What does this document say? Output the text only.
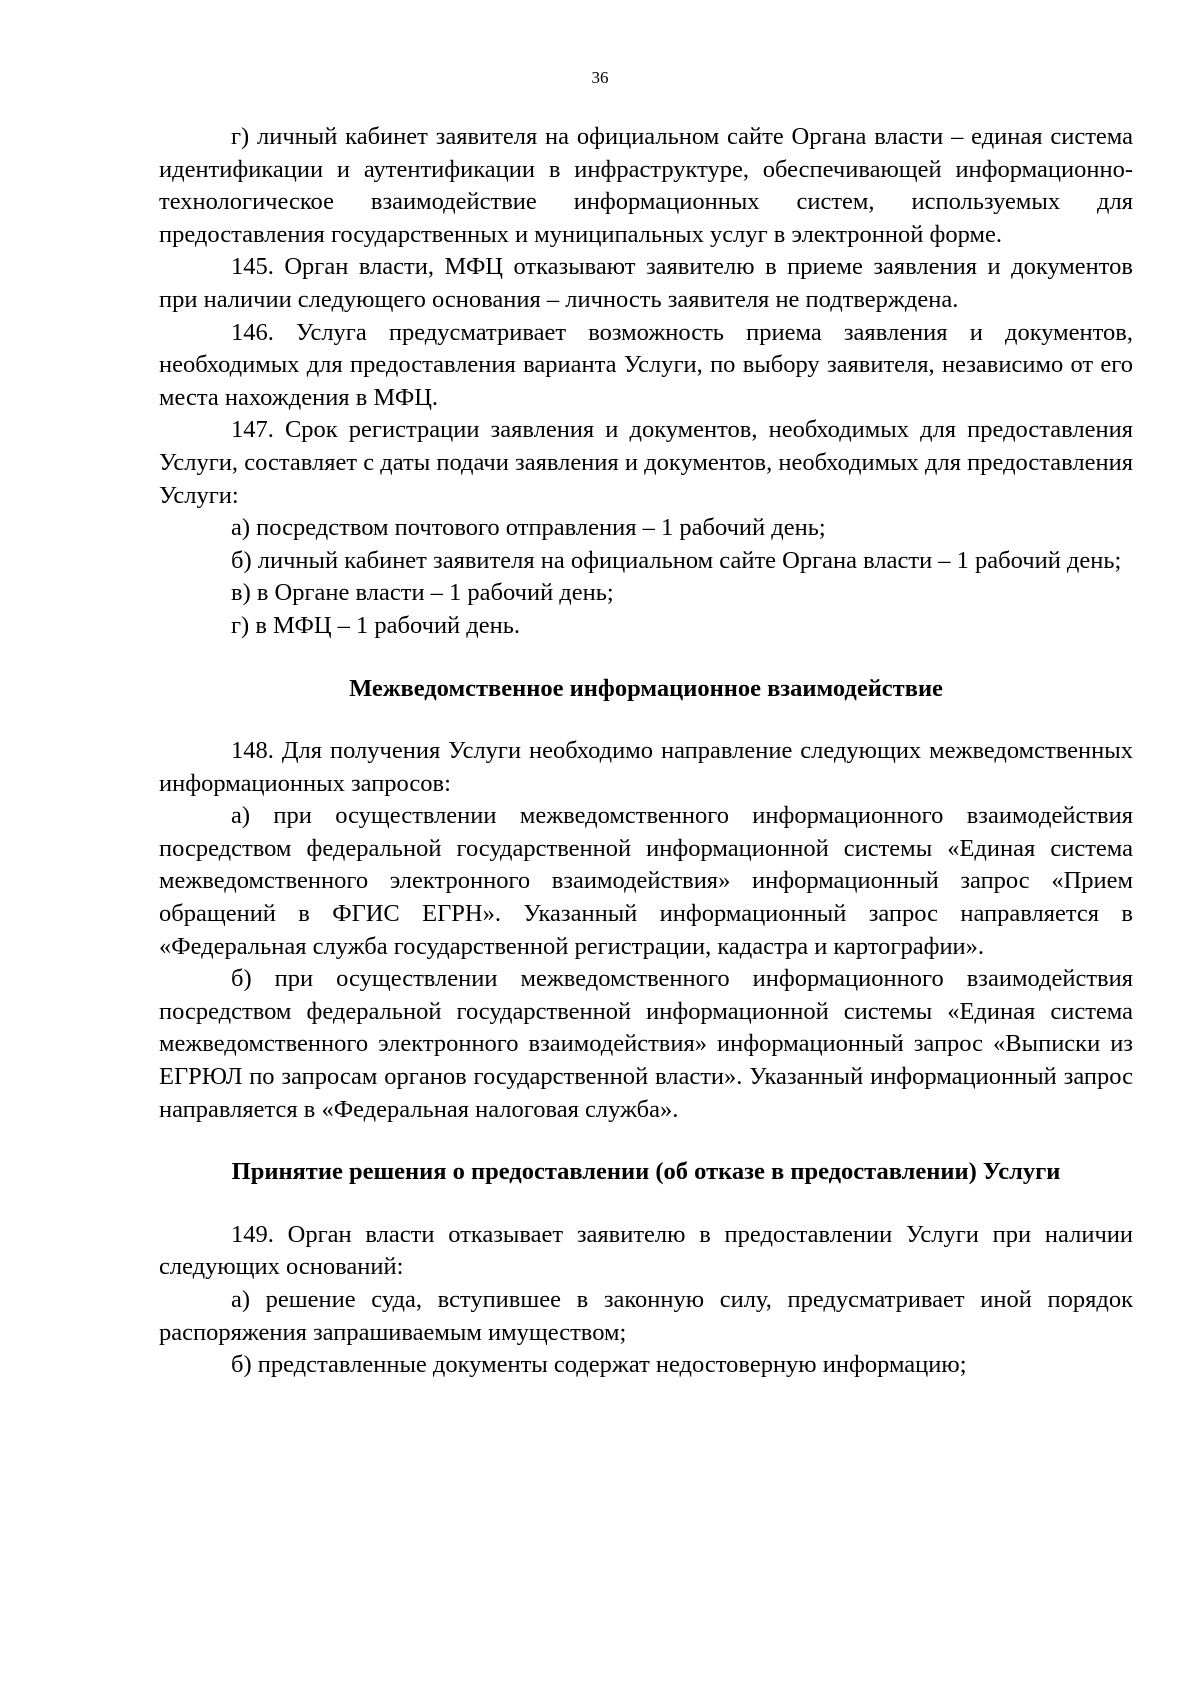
36

г) личный кабинет заявителя на официальном сайте Органа власти – единая система идентификации и аутентификации в инфраструктуре, обеспечивающей информационно-технологическое взаимодействие информационных систем, используемых для предоставления государственных и муниципальных услуг в электронной форме.

145. Орган власти, МФЦ отказывают заявителю в приеме заявления и документов при наличии следующего основания – личность заявителя не подтверждена.

146. Услуга предусматривает возможность приема заявления и документов, необходимых для предоставления варианта Услуги, по выбору заявителя, независимо от его места нахождения в МФЦ.

147. Срок регистрации заявления и документов, необходимых для предоставления Услуги, составляет с даты подачи заявления и документов, необходимых для предоставления Услуги:

а) посредством почтового отправления – 1 рабочий день;

б) личный кабинет заявителя на официальном сайте Органа власти – 1 рабочий день;

в) в Органе власти – 1 рабочий день;

г) в МФЦ – 1 рабочий день.

Межведомственное информационное взаимодействие

148. Для получения Услуги необходимо направление следующих межведомственных информационных запросов:

а) при осуществлении межведомственного информационного взаимодействия посредством федеральной государственной информационной системы «Единая система межведомственного электронного взаимодействия» информационный запрос «Прием обращений в ФГИС ЕГРН». Указанный информационный запрос направляется в «Федеральная служба государственной регистрации, кадастра и картографии».

б) при осуществлении межведомственного информационного взаимодействия посредством федеральной государственной информационной системы «Единая система межведомственного электронного взаимодействия» информационный запрос «Выписки из ЕГРЮЛ по запросам органов государственной власти». Указанный информационный запрос направляется в «Федеральная налоговая служба».

Принятие решения о предоставлении (об отказе в предоставлении) Услуги

149. Орган власти отказывает заявителю в предоставлении Услуги при наличии следующих оснований:

а) решение суда, вступившее в законную силу, предусматривает иной порядок распоряжения запрашиваемым имуществом;

б) представленные документы содержат недостоверную информацию;
